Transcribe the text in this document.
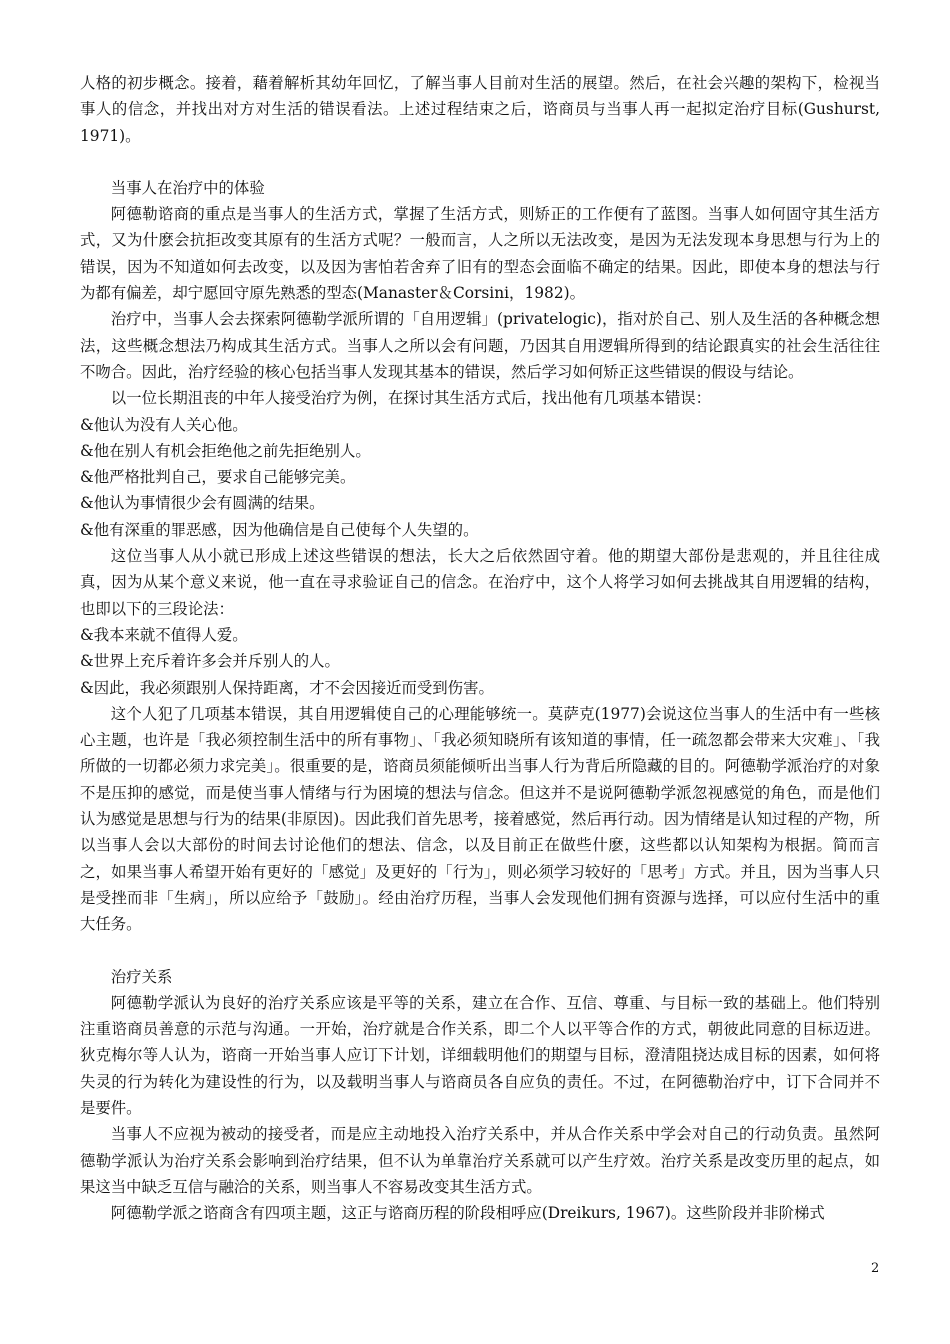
人格的初步概念。接着，藉着解析其幼年回忆，了解当事人目前对生活的展望。然后，在社会兴趣的架构下，检视当事人的信念，并找出对方对生活的错误看法。上述过程结束之后，谘商员与当事人再一起拟定治疗目标(Gushurst, 1971)。

当事人在治疗中的体验

阿德勒谘商的重点是当事人的生活方式，掌握了生活方式，则矫正的工作便有了蓝图。当事人如何固守其生活方式，又为什麽会抗拒改变其原有的生活方式呢？一般而言，人之所以无法改变，是因为无法发现本身思想与行为上的错误，因为不知道如何去改变，以及因为害怕若舍弃了旧有的型态会面临不确定的结果。因此，即使本身的想法与行为都有偏差，却宁愿回守原先熟悉的型态(Manaster＆Corsini，1982)。

治疗中，当事人会去探索阿德勒学派所谓的「自用逻辑」(privatelogic)，指对於自己、别人及生活的各种概念想法，这些概念想法乃构成其生活方式。当事人之所以会有问题，乃因其自用逻辑所得到的结论跟真实的社会生活往往不吻合。因此，治疗经验的核心包括当事人发现其基本的错误，然后学习如何矫正这些错误的假设与结论。

以一位长期沮丧的中年人接受治疗为例，在探讨其生活方式后，找出他有几项基本错误：

&他认为没有人关心他。
&他在别人有机会拒绝他之前先拒绝别人。
&他严格批判自己，要求自己能够完美。
&他认为事情很少会有圆满的结果。
&他有深重的罪恶感，因为他确信是自己使每个人失望的。

这位当事人从小就已形成上述这些错误的想法，长大之后依然固守着。他的期望大部份是悲观的，并且往往成真，因为从某个意义来说，他一直在寻求验证自己的信念。在治疗中，这个人将学习如何去挑战其自用逻辑的结构，也即以下的三段论法：

&我本来就不值得人爱。
&世界上充斥着许多会并斥别人的人。
&因此，我必须跟别人保持距离，才不会因接近而受到伤害。

这个人犯了几项基本错误，其自用逻辑使自己的心理能够统一。莫萨克(1977)会说这位当事人的生活中有一些核心主题，也许是「我必须控制生活中的所有事物」、「我必须知晓所有该知道的事情，任一疏忽都会带来大灾难」、「我所做的一切都必须力求完美」。很重要的是，谘商员须能倾听出当事人行为背后所隐藏的目的。阿德勒学派治疗的对象不是压抑的感觉，而是使当事人情绪与行为困境的想法与信念。但这并不是说阿德勒学派忽视感觉的角色，而是他们认为感觉是思想与行为的结果(非原因)。因此我们首先思考，接着感觉，然后再行动。因为情绪是认知过程的产物，所以当事人会以大部份的时间去讨论他们的想法、信念，以及目前正在做些什麽，这些都以认知架构为根据。简而言之，如果当事人希望开始有更好的「感觉」及更好的「行为」，则必须学习较好的「思考」方式。并且，因为当事人只是受挫而非「生病」，所以应给予「鼓励」。经由治疗历程，当事人会发现他们拥有资源与选择，可以应付生活中的重大任务。

治疗关系

阿德勒学派认为良好的治疗关系应该是平等的关系，建立在合作、互信、尊重、与目标一致的基础上。他们特别注重谘商员善意的示范与沟通。一开始，治疗就是合作关系，即二个人以平等合作的方式，朝彼此同意的目标迈进。狄克梅尔等人认为，谘商一开始当事人应订下计划，详细载明他们的期望与目标，澄清阻挠达成目标的因素，如何将失灵的行为转化为建设性的行为，以及载明当事人与谘商员各自应负的责任。不过，在阿德勒治疗中，订下合同并不是要件。

当事人不应视为被动的接受者，而是应主动地投入治疗关系中，并从合作关系中学会对自己的行动负责。虽然阿德勒学派认为治疗关系会影响到治疗结果，但不认为单靠治疗关系就可以产生疗效。治疗关系是改变历里的起点，如果这当中缺乏互信与融洽的关系，则当事人不容易改变其生活方式。

阿德勒学派之谘商含有四项主题，这正与谘商历程的阶段相呼应(Dreikurs, 1967)。这些阶段并非阶梯式

2
